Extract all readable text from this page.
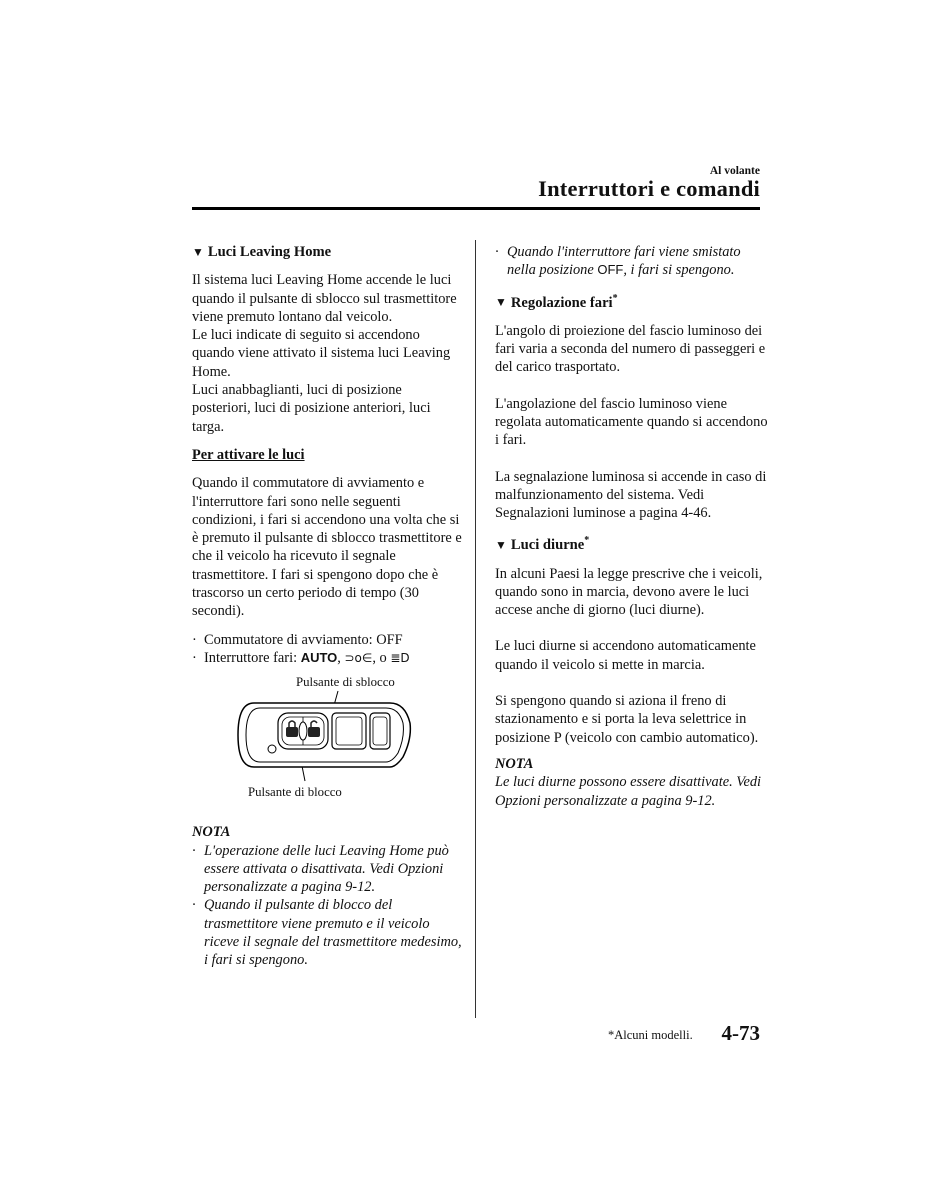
Al volante
Interruttori e comandi
▼ Luci Leaving Home

Il sistema luci Leaving Home accende le luci quando il pulsante di sblocco sul trasmettitore viene premuto lontano dal veicolo.

Le luci indicate di seguito si accendono quando viene attivato il sistema luci Leaving Home.

Luci anabbaglianti, luci di posizione posteriori, luci di posizione anteriori, luci targa.

Per attivare le luci

Quando il commutatore di avviamento e l'interruttore fari sono nelle seguenti condizioni, i fari si accendono una volta che si è premuto il pulsante di sblocco trasmettitore e che il veicolo ha ricevuto il segnale trasmettitore. I fari si spengono dopo che è trascorso un certo periodo di tempo (30 secondi).

· Commutatore di avviamento: OFF
· Interruttore fari: AUTO, ⊃o∈, o ≣D
Pulsante di sblocco
Pulsante di blocco

NOTA

· L'operazione delle luci Leaving Home può essere attivata o disattivata. Vedi Opzioni personalizzate a pagina 9-12.
· Quando il pulsante di blocco del trasmettitore viene premuto e il veicolo riceve il segnale del trasmettitore medesimo, i fari si spengono.
· Quando l'interruttore fari viene smistato nella posizione OFF, i fari si spengono.
▼ Regolazione fari*

L'angolo di proiezione del fascio luminoso dei fari varia a seconda del numero di passeggeri e del carico trasportato.

L'angolazione del fascio luminoso viene regolata automaticamente quando si accendono i fari.

La segnalazione luminosa si accende in caso di malfunzionamento del sistema. Vedi Segnalazioni luminose a pagina 4-46.

▼ Luci diurne*

In alcuni Paesi la legge prescrive che i veicoli, quando sono in marcia, devono avere le luci accese anche di giorno (luci diurne).

Le luci diurne si accendono automaticamente quando il veicolo si mette in marcia.

Si spengono quando si aziona il freno di stazionamento e si porta la leva selettrice in posizione P (veicolo con cambio automatico).

NOTA

Le luci diurne possono essere disattivate. Vedi Opzioni personalizzate a pagina 9-12.

*Alcuni modelli. 4-73
